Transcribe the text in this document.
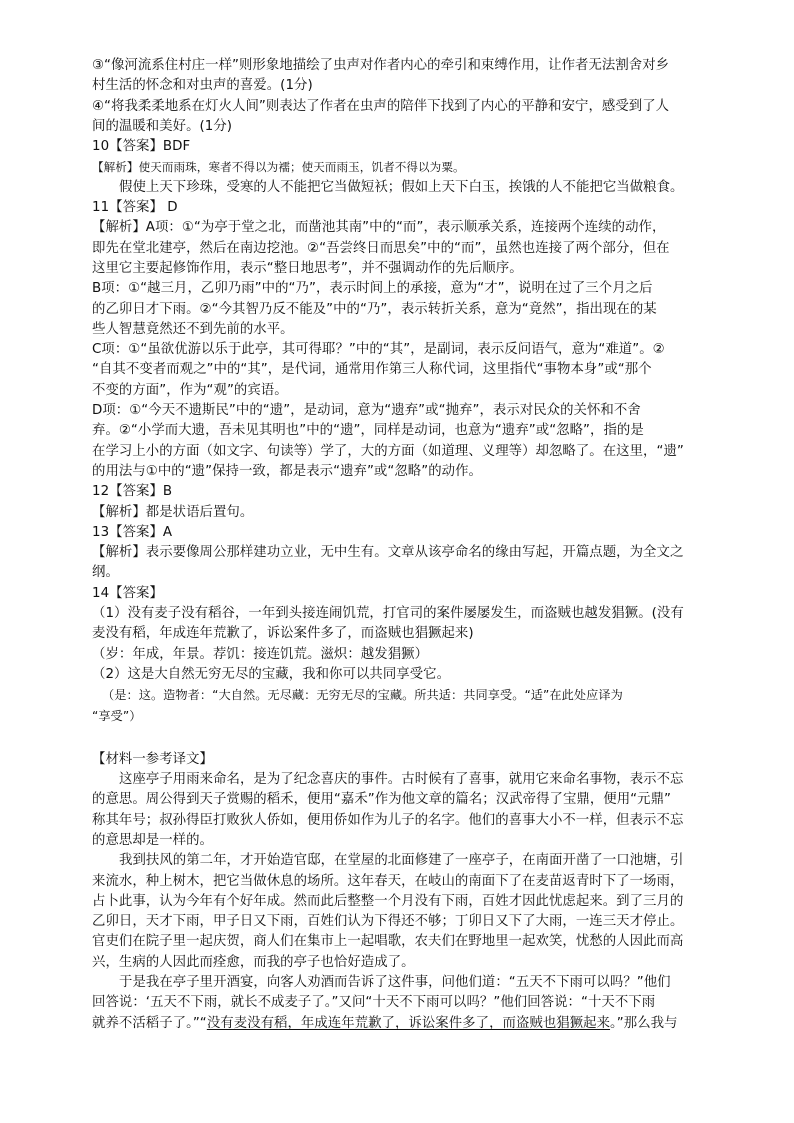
③“像河流系住村庄一样”则形象地描绘了虫声对作者内心的牵引和束缚作用，让作者无法割舍对乡
村生活的怀念和对虫声的喜爱。(1分)
④“将我柔柔地系在灯火人间”则表达了作者在虫声的陪伴下找到了内心的平静和安宁，感受到了人
间的温暖和美好。(1分)
10【答案】BDF
【解析】使天而雨珠，寒者不得以为襦；使天而雨玉，饥者不得以为粟。
假使上天下珍珠，受寒的人不能把它当做短袄；假如上天下白玉，挨饿的人不能把它当做粮食。
11【答案】 D
【解析】A项：①“为亭于堂之北，而凿池其南”中的“而”，表示顺承关系，连接两个连续的动作，
即先在堂北建亭，然后在南边挖池。②“吾尝终日而思矣”中的“而”，虽然也连接了两个部分，但在
这里它主要起修饰作用，表示“整日地思考”，并不强调动作的先后顺序。
B项：①“越三月，乙卯乃雨”中的“乃”，表示时间上的承接，意为“才”，说明在过了三个月之后
的乙卯日才下雨。②“今其智乃反不能及”中的“乃”，表示转折关系，意为“竟然”，指出现在的某
些人智慧竟然还不到先前的水平。
C项：①“虽欲优游以乐于此亭，其可得耶？”中的“其”，是副词，表示反问语气，意为“难道”。②
“自其不变者而观之”中的“其”，是代词，通常用作第三人称代词，这里指代“事物本身”或“那个
不变的方面”，作为“观”的宾语。
D项：①“今天不遗斯民”中的“遗”，是动词，意为“遗弃”或“抛弃”，表示对民众的关怀和不舍
弃。②“小学而大遗，吾未见其明也”中的“遗”，同样是动词，也意为“遗弃”或“忽略”，指的是
在学习上小的方面（如文字、句读等）学了，大的方面（如道理、义理等）却忽略了。在这里，“遗”
的用法与①中的“遗”保持一致，都是表示“遗弃”或“忽略”的动作。
12【答案】B
【解析】都是状语后置句。
13【答案】A
【解析】表示要像周公那样建功立业，无中生有。文章从该亭命名的缘由写起，开篇点题，为全文之
纲。
14【答案】
（1）没有麦子没有稻谷，一年到头接连闹饥荒，打官司的案件屡屡发生，而盗贼也越发猖獗。(没有
麦没有稻，年成连年荒歉了，诉讼案件多了，而盗贼也猖獗起来)
（岁：年成，年景。荐饥：接连饥荒。滋炽：越发猖獗）
（2）这是大自然无穷无尽的宝藏，我和你可以共同享受它。
（是：这。造物者：“大自然。无尽藏：无穷无尽的宝藏。所共适：共同享受。“适”在此处应译为
“享受”）
【材料一参考译文】
这座亭子用雨来命名，是为了纪念喜庆的事件。古时候有了喜事，就用它来命名事物，表示不忘
的意思。周公得到天子赏赐的稻禾，便用“嘉禾”作为他文章的篇名；汉武帝得了宝鼎，便用“元鼎”
称其年号；叔孙得臣打败狄人侨如，便用侨如作为儿子的名字。他们的喜事大小不一样，但表示不忘
的意思却是一样的。
我到扶风的第二年，才开始造官邸，在堂屋的北面修建了一座亭子，在南面开凿了一口池塘，引
来流水，种上树木，把它当做休息的场所。这年春天，在岐山的南面下了在麦苗返青时下了一场雨，
占卜此事，认为今年有个好年成。然而此后整整一个月没有下雨，百姓才因此忧虑起来。到了三月的
乙卯日，天才下雨，甲子日又下雨，百姓们认为下得还不够；丁卯日又下了大雨，一连三天才停止。
官吏们在院子里一起庆贺，商人们在集市上一起唱歌，农夫们在野地里一起欢笑，忧愁的人因此而高
兴，生病的人因此而痊愈，而我的亭子也恰好造成了。
于是我在亭子里开酒宴，向客人劝酒而告诉了这件事，问他们道：“五天不下雨可以吗？”他们
回答说：‘五天不下雨，就长不成麦子了。”又问“十天不下雨可以吗？”他们回答说：“十天不下雨
就养不活稻子了。”“没有麦没有稻，年成连年荒歉了，诉讼案件多了，而盗贼也猖獗起来。”那么我与
